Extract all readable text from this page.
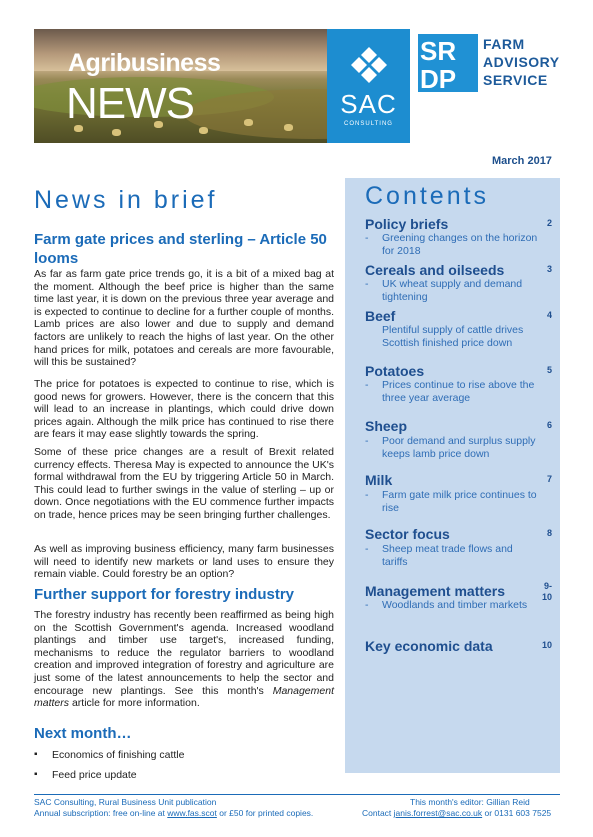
Agribusiness
NEWS	SAC
CONSULTING
SR
DP
FARM
ADVISORY
SERVICE
March 2017
News in brief
Farm gate prices and sterling – Article 50 looms
As far as farm gate price trends go, it is a bit of a mixed bag at the moment. Although the beef price is higher than the same time last year, it is down on the previous three year average and is expected to continue to decline for a further couple of months. Lamb prices are also lower and due to supply and demand factors are unlikely to reach the highs of last year. On the other hand prices for milk, potatoes and cereals are more favourable, will this be sustained?
The price for potatoes is expected to continue to rise, which is good news for growers. However, there is the concern that this will lead to an increase in plantings, which could drive down prices again. Although the milk price has continued to rise there are fears it may ease slightly towards the spring.
Some of these price changes are a result of Brexit related currency effects. Theresa May is expected to announce the UK's formal withdrawal from the EU by triggering Article 50 in March. This could lead to further swings in the value of sterling – up or down. Once negotiations with the EU commence further impacts on trade, hence prices may be seen bringing further challenges.
As well as improving business efficiency, many farm businesses will need to identify new markets or land uses to ensure they remain viable. Could forestry be an option?
Further support for forestry industry
The forestry industry has recently been reaffirmed as being high on the Scottish Government's agenda. Increased woodland plantings and timber use target's, increased funding, mechanisms to reduce the regulator barriers to woodland creation and improved integration of forestry and agriculture are just some of the latest announcements to help the sector and encourage new plantings. See this month's Management matters article for more information.
Next month…
▪ Economics of finishing cattle
▪ Feed price update
Contents
Policy briefs	2
- Greening changes on the horizon for 2018
Cereals and oilseeds	3
- UK wheat supply and demand tightening
Beef	4
Plentiful supply of cattle drives Scottish finished price down
Potatoes	5
- Prices continue to rise above the three year average
Sheep	6
- Poor demand and surplus supply keeps lamb price down
Milk	7
- Farm gate milk price continues to rise
Sector focus	8
- Sheep meat trade flows and tariffs
Management matters	9-10
- Woodlands and timber markets
Key economic data	10
SAC Consulting, Rural Business Unit publication
Annual subscription: free on-line at www.fas.scot or £50 for printed copies.
This month's editor: Gillian Reid
Contact janis.forrest@sac.co.uk or 0131 603 7525
